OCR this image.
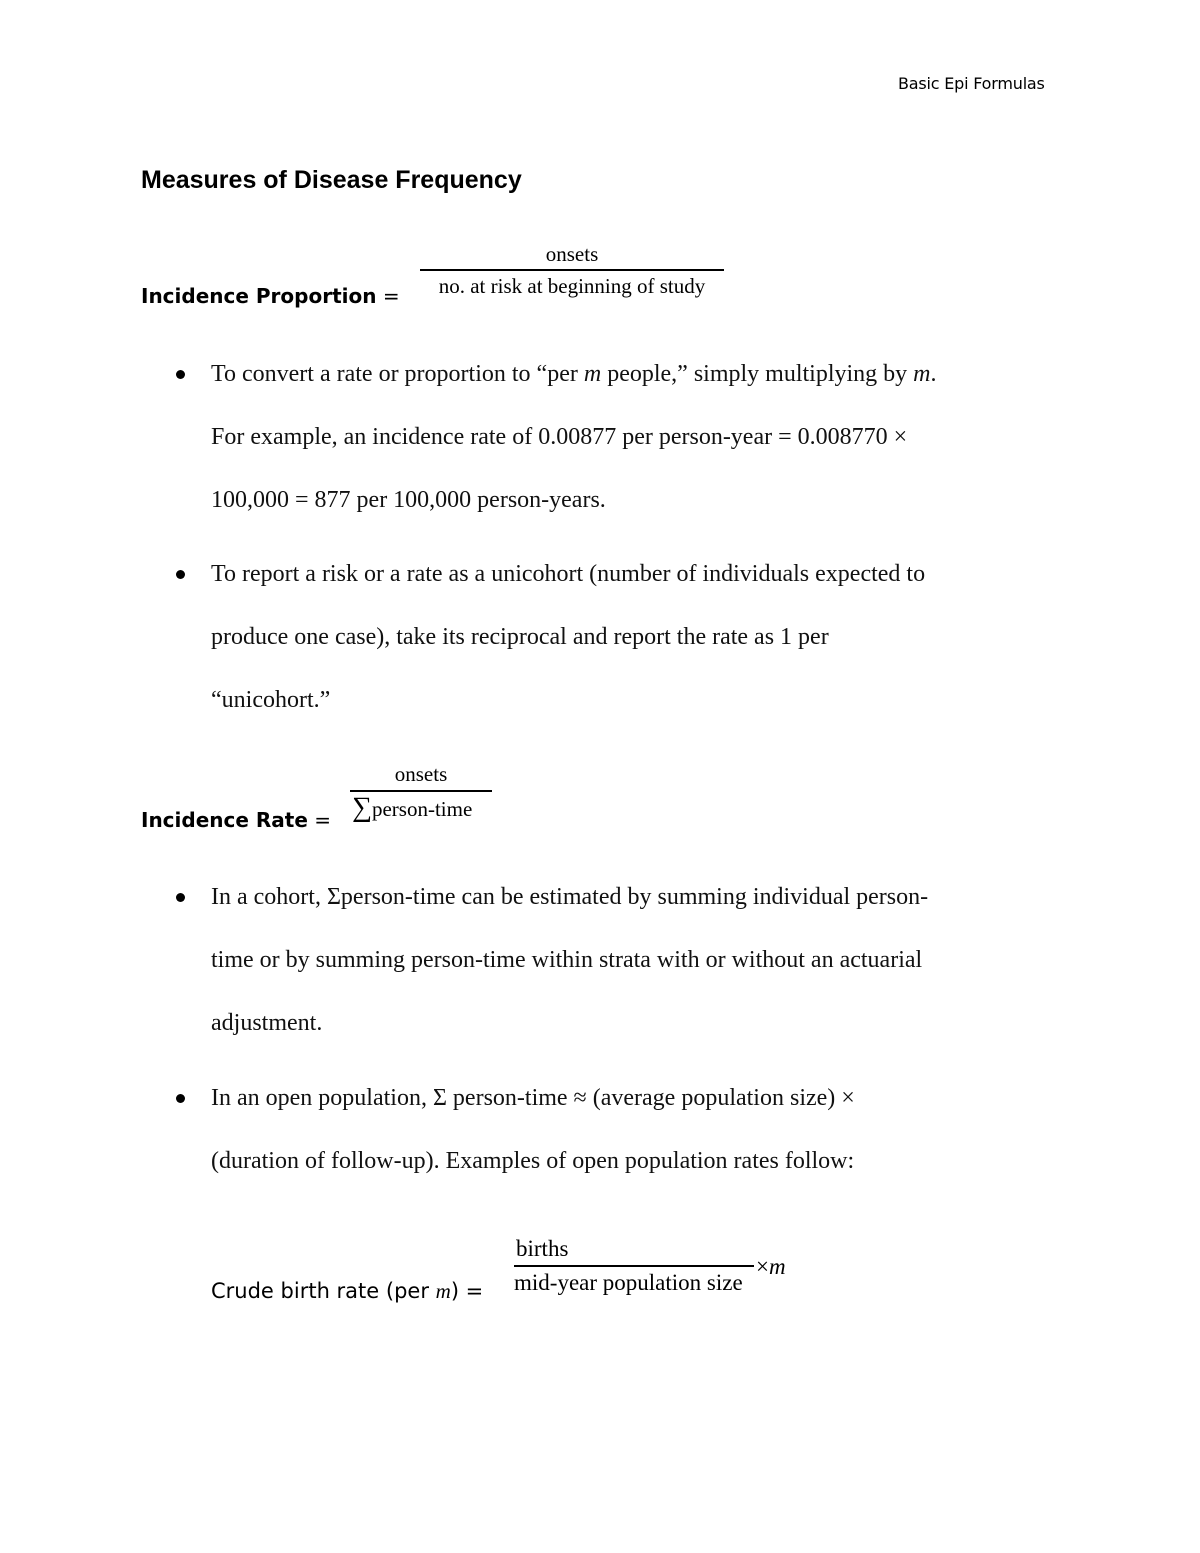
Basic Epi Formulas
Measures of Disease Frequency
Incidence Proportion =
onsets
no. at risk at beginning of study
To convert a rate or proportion to “per m people,” simply multiplying by m.
For example, an incidence rate of 0.00877 per person-year = 0.008770 ×
100,000 = 877 per 100,000 person-years.
To report a risk or a rate as a unicohort (number of individuals expected to
produce one case), take its reciprocal and report the rate as 1 per
“unicohort.”
Incidence Rate =
onsets
∑person-time
In a cohort, Σperson-time can be estimated by summing individual person-
time or by summing person-time within strata with or without an actuarial
adjustment.
In an open population, Σ person-time ≈ (average population size) ×
(duration of follow-up). Examples of open population rates follow:
Crude birth rate (per m) =
births
mid-year population size
×m
